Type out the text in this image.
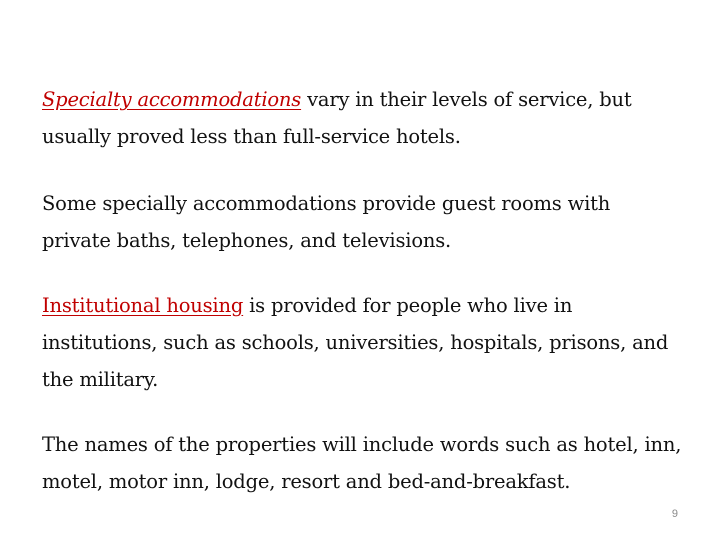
Specialty accommodations vary in their levels of service, but usually proved less than full-service hotels.

Some specially accommodations provide guest rooms with private baths, telephones, and televisions.

Institutional housing is provided for people who live in institutions, such as schools, universities, hospitals, prisons, and the military.

The names of the properties will include words such as hotel, inn, motel, motor inn, lodge, resort and bed-and-breakfast.

9
